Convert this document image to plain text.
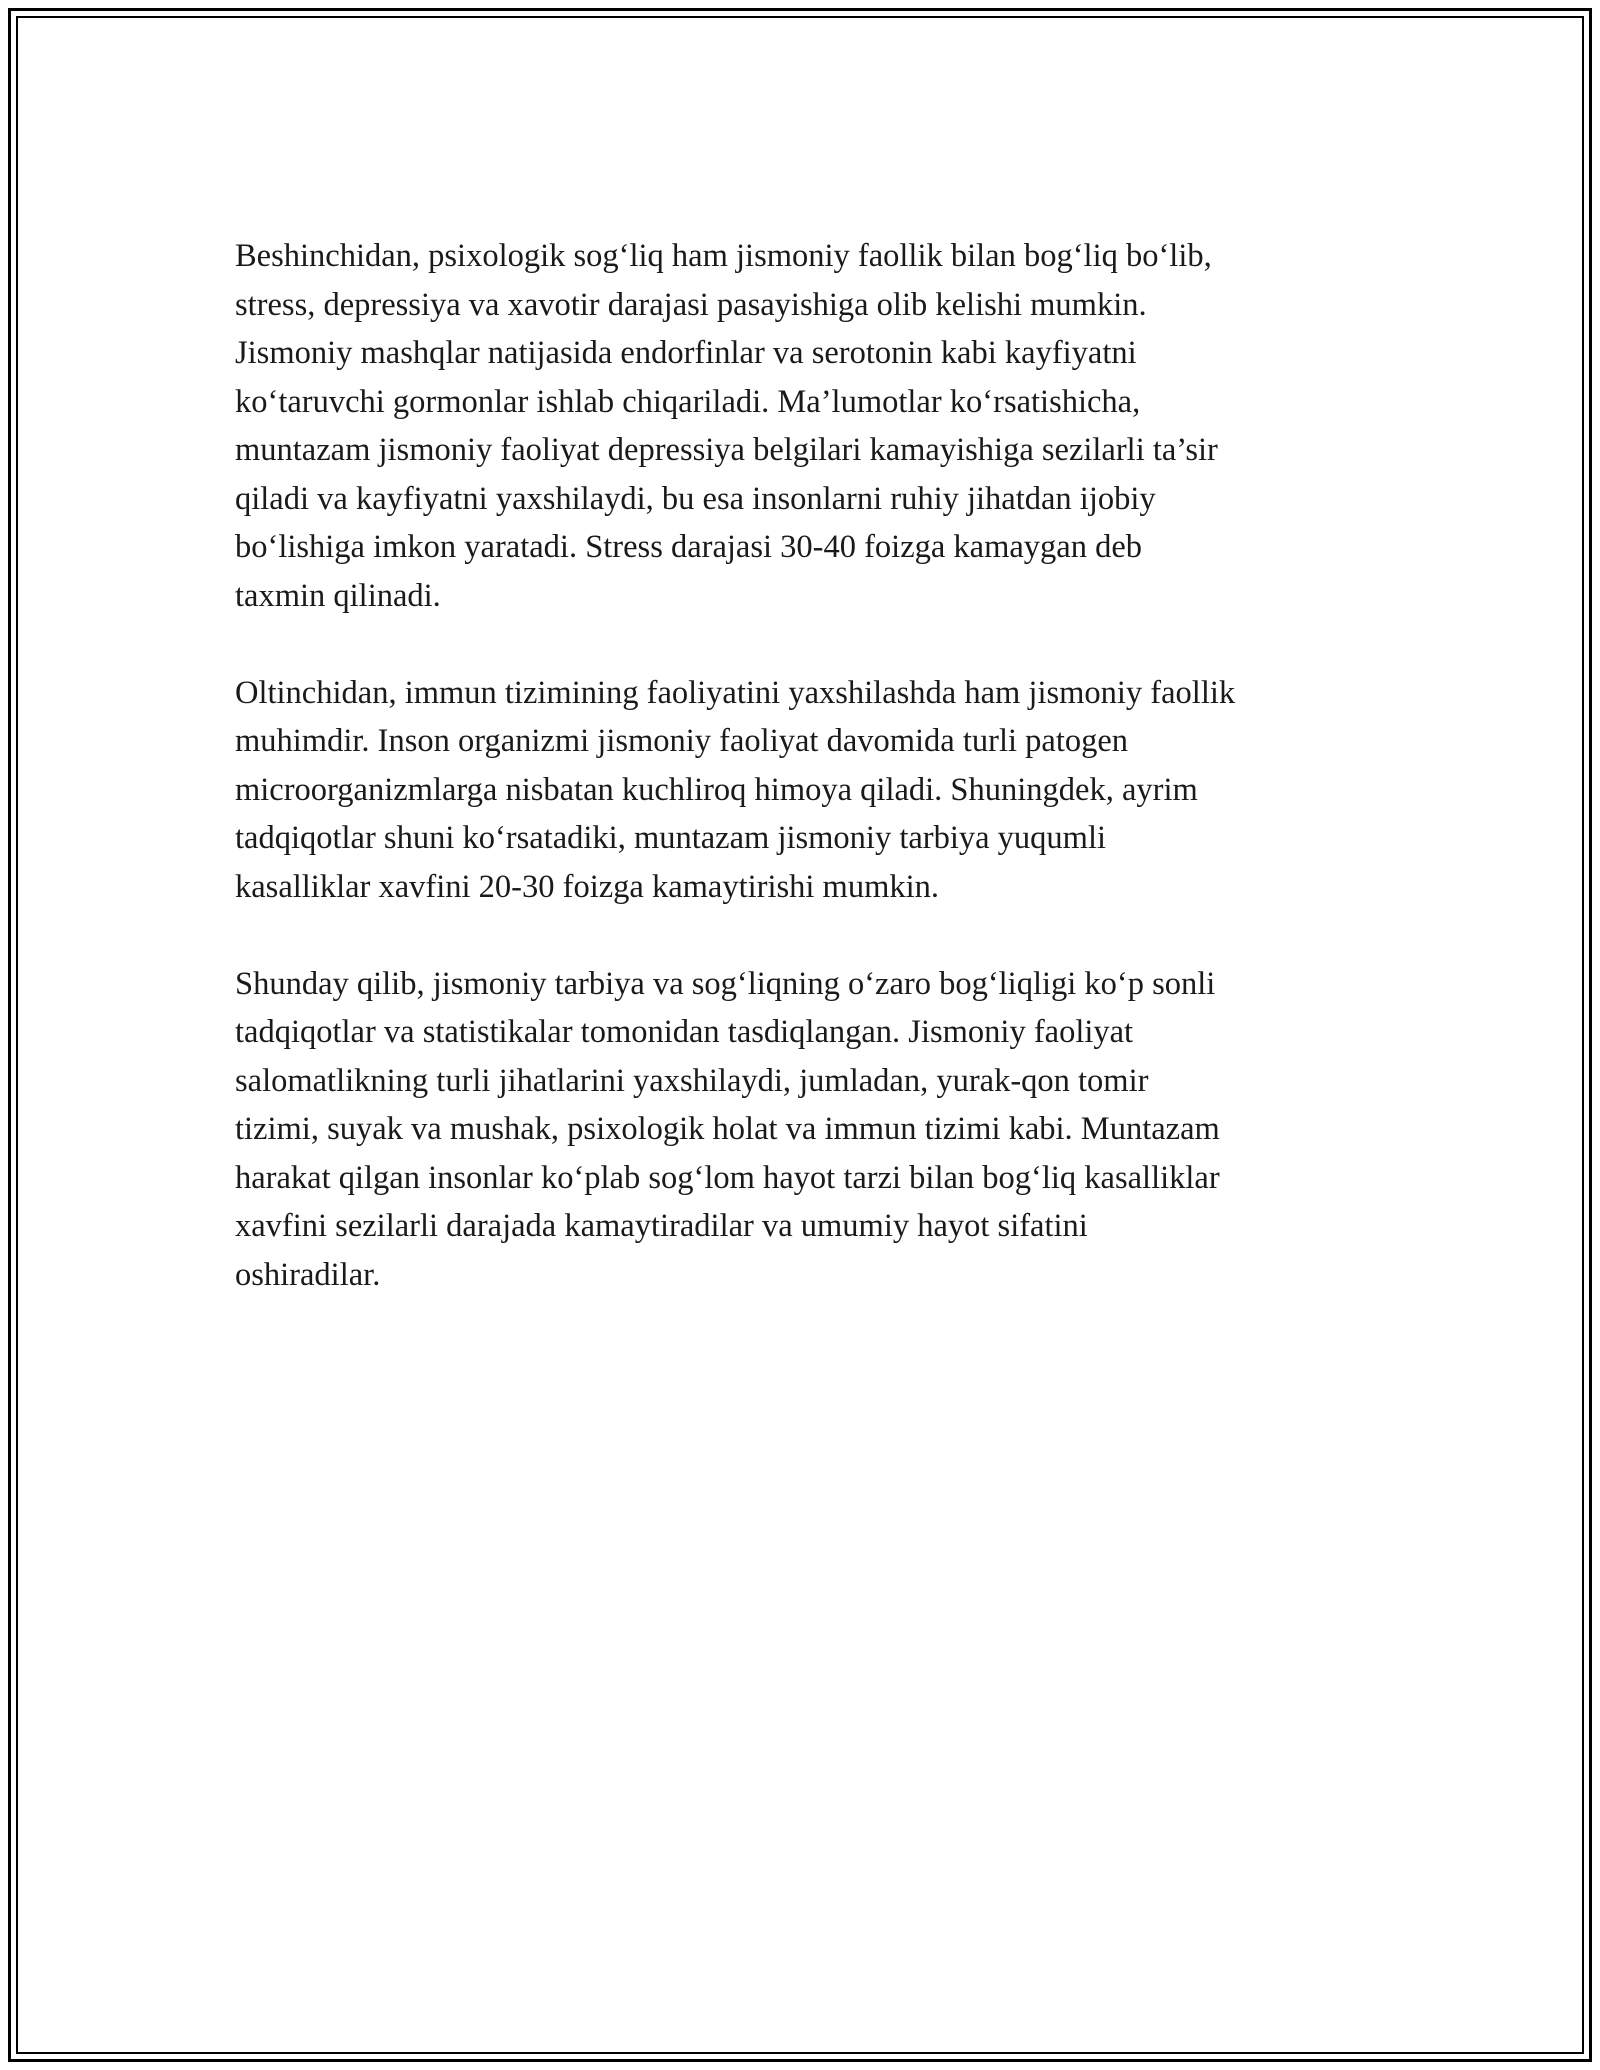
Beshinchidan, psixologik sog‘liq ham jismoniy faollik bilan bog‘liq bo‘lib,
stress, depressiya va xavotir darajasi pasayishiga olib kelishi mumkin.
Jismoniy mashqlar natijasida endorfinlar va serotonin kabi kayfiyatni
ko‘taruvchi gormonlar ishlab chiqariladi. Ma’lumotlar ko‘rsatishicha,
muntazam jismoniy faoliyat depressiya belgilari kamayishiga sezilarli ta’sir
qiladi va kayfiyatni yaxshilaydi, bu esa insonlarni ruhiy jihatdan ijobiy
bo‘lishiga imkon yaratadi. Stress darajasi 30-40 foizga kamaygan deb
taxmin qilinadi.

Oltinchidan, immun tizimining faoliyatini yaxshilashda ham jismoniy faollik
muhimdir. Inson organizmi jismoniy faoliyat davomida turli patogen
microorganizmlarga nisbatan kuchliroq himoya qiladi. Shuningdek, ayrim
tadqiqotlar shuni ko‘rsatadiki, muntazam jismoniy tarbiya yuqumli
kasalliklar xavfini 20-30 foizga kamaytirishi mumkin.

Shunday qilib, jismoniy tarbiya va sog‘liqning o‘zaro bog‘liqligi ko‘p sonli
tadqiqotlar va statistikalar tomonidan tasdiqlangan. Jismoniy faoliyat
salomatlikning turli jihatlarini yaxshilaydi, jumladan, yurak-qon tomir
tizimi, suyak va mushak, psixologik holat va immun tizimi kabi. Muntazam
harakat qilgan insonlar ko‘plab sog‘lom hayot tarzi bilan bog‘liq kasalliklar
xavfini sezilarli darajada kamaytiradilar va umumiy hayot sifatini
oshiradilar.
